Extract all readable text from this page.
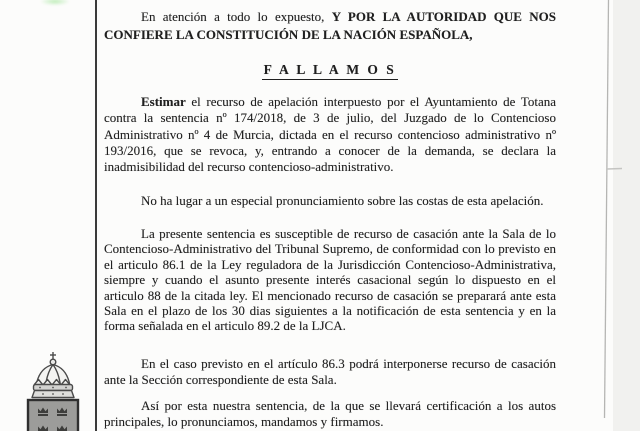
En atención a todo lo expuesto, Y POR LA AUTORIDAD QUE NOS CONFIERE LA CONSTITUCIÓN DE LA NACIÓN ESPAÑOLA,

F A L L A M O S

Estimar el recurso de apelación interpuesto por el Ayuntamiento de Totana contra la sentencia nº 174/2018, de 3 de julio, del Juzgado de lo Contencioso Administrativo nº 4 de Murcia, dictada en el recurso contencioso administrativo nº 193/2016, que se revoca, y, entrando a conocer de la demanda, se declara la inadmisibilidad del recurso contencioso-administrativo.

No ha lugar a un especial pronunciamiento sobre las costas de esta apelación.

La presente sentencia es susceptible de recurso de casación ante la Sala de lo Contencioso-Administrativo del Tribunal Supremo, de conformidad con lo previsto en el articulo 86.1 de la Ley reguladora de la Jurisdicción Contencioso-Administrativa, siempre y cuando el asunto presente interés casacional según lo dispuesto en el articulo 88 de la citada ley. El mencionado recurso de casación se preparará ante esta Sala en el plazo de los 30 dias siguientes a la notificación de esta sentencia y en la forma señalada en el articulo 89.2 de la LJCA.

En el caso previsto en el artículo 86.3 podrá interponerse recurso de casación ante la Sección correspondiente de esta Sala.

Así por esta nuestra sentencia, de la que se llevará certificación a los autos principales, lo pronunciamos, mandamos y firmamos.
